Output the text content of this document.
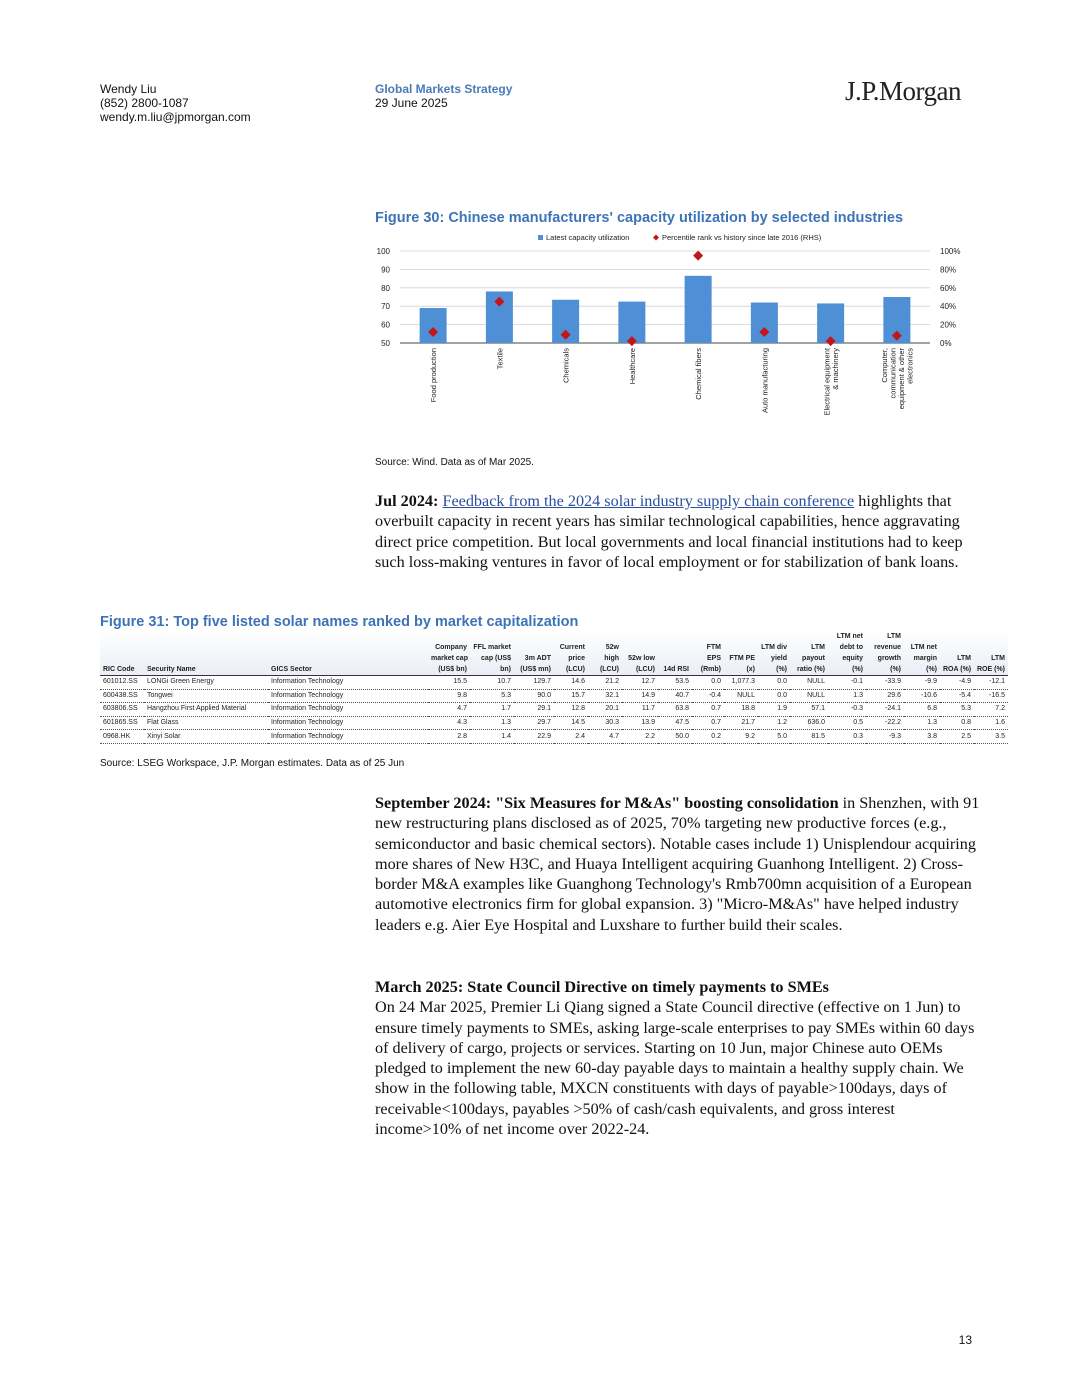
Wendy Liu
(852) 2800-1087
wendy.m.liu@jpmorgan.com
Global Markets Strategy
29 June 2025	J.P.Morgan
Figure 30: Chinese manufacturers' capacity utilization by selected industries
Latest capacity utilization	Percentile rank vs history since late 2016 (RHS)
50
60
70
80
90
100
0%
20%
40%
60%
80%
100%
Food production	Textile	Chemicals	Healthcare	Chemical fibers	Auto manufacturing	Electrical equipment& machinery	Computer,communicationequipment & otherelectronics
Source: Wind. Data as of Mar 2025.
Jul 2024: Feedback from the 2024 solar industry supply chain conference highlights that overbuilt capacity in recent years has similar technological capabilities, hence aggravating direct price competition. But local governments and local financial institutions had to keep such loss-making ventures in favor of local employment or for stabilization of bank loans.
Figure 31: Top five listed solar names ranked by market capitalization
														LTM net	LTM			
			Company	FFL market		Current	52w			FTM		LTM div	LTM	debt to	revenue	LTM net		
			market cap	cap (US$	3m ADT	price	high	52w low		EPS	FTM PE	yield	payout	equity	growth	margin	LTM	LTM
RIC Code	Security Name	GICS Sector	(US$ bn)	bn)	(US$ mn)	(LCU)	(LCU)	(LCU)	14d RSI	(Rmb)	(x)	(%)	ratio (%)	(%)	(%)	(%)	ROA (%)	ROE (%)
601012.SS	LONGi Green Energy	Information Technology	15.5	10.7	129.7	14.6	21.2	12.7	53.5	0.0	1,077.3	0.0	NULL	-0.1	-33.9	-9.9	-4.9	-12.1
600438.SS	Tongwei	Information Technology	9.8	5.3	90.0	15.7	32.1	14.9	40.7	-0.4	NULL	0.0	NULL	1.3	29.6	-10.6	-5.4	-16.5
603806.SS	Hangzhou First Applied Material	Information Technology	4.7	1.7	29.1	12.8	20.1	11.7	63.8	0.7	18.8	1.9	57.1	-0.3	-24.1	6.8	5.3	7.2
601865.SS	Flat Glass	Information Technology	4.3	1.3	29.7	14.5	30.3	13.9	47.5	0.7	21.7	1.2	636.0	0.5	-22.2	1.3	0.8	1.6
0968.HK	Xinyi Solar	Information Technology	2.8	1.4	22.9	2.4	4.7	2.2	50.0	0.2	9.2	5.0	81.5	0.3	-9.3	3.8	2.5	3.5
Source: LSEG Workspace, J.P. Morgan estimates. Data as of 25 Jun
September 2024: "Six Measures for M&As" boosting consolidation in Shenzhen, with 91 new restructuring plans disclosed as of 2025, 70% targeting new productive forces (e.g., semiconductor and basic chemical sectors). Notable cases include 1) Unisplendour acquiring more shares of New H3C, and Huaya Intelligent acquiring Guanhong Intelligent. 2) Cross-border M&A examples like Guanghong Technology's Rmb700mn acquisition of a European automotive electronics firm for global expansion. 3) "Micro-M&As" have helped industry leaders e.g. Aier Eye Hospital and Luxshare to further build their scales.
March 2025: State Council Directive on timely payments to SMEs
On 24 Mar 2025, Premier Li Qiang signed a State Council directive (effective on 1 Jun) to ensure timely payments to SMEs, asking large-scale enterprises to pay SMEs within 60 days of delivery of cargo, projects or services. Starting on 10 Jun, major Chinese auto OEMs pledged to implement the new 60-day payable days to maintain a healthy supply chain. We show in the following table, MXCN constituents with days of payable>100days, days of receivable<100days, payables >50% of cash/cash equivalents, and gross interest income>10% of net income over 2022-24.
13
